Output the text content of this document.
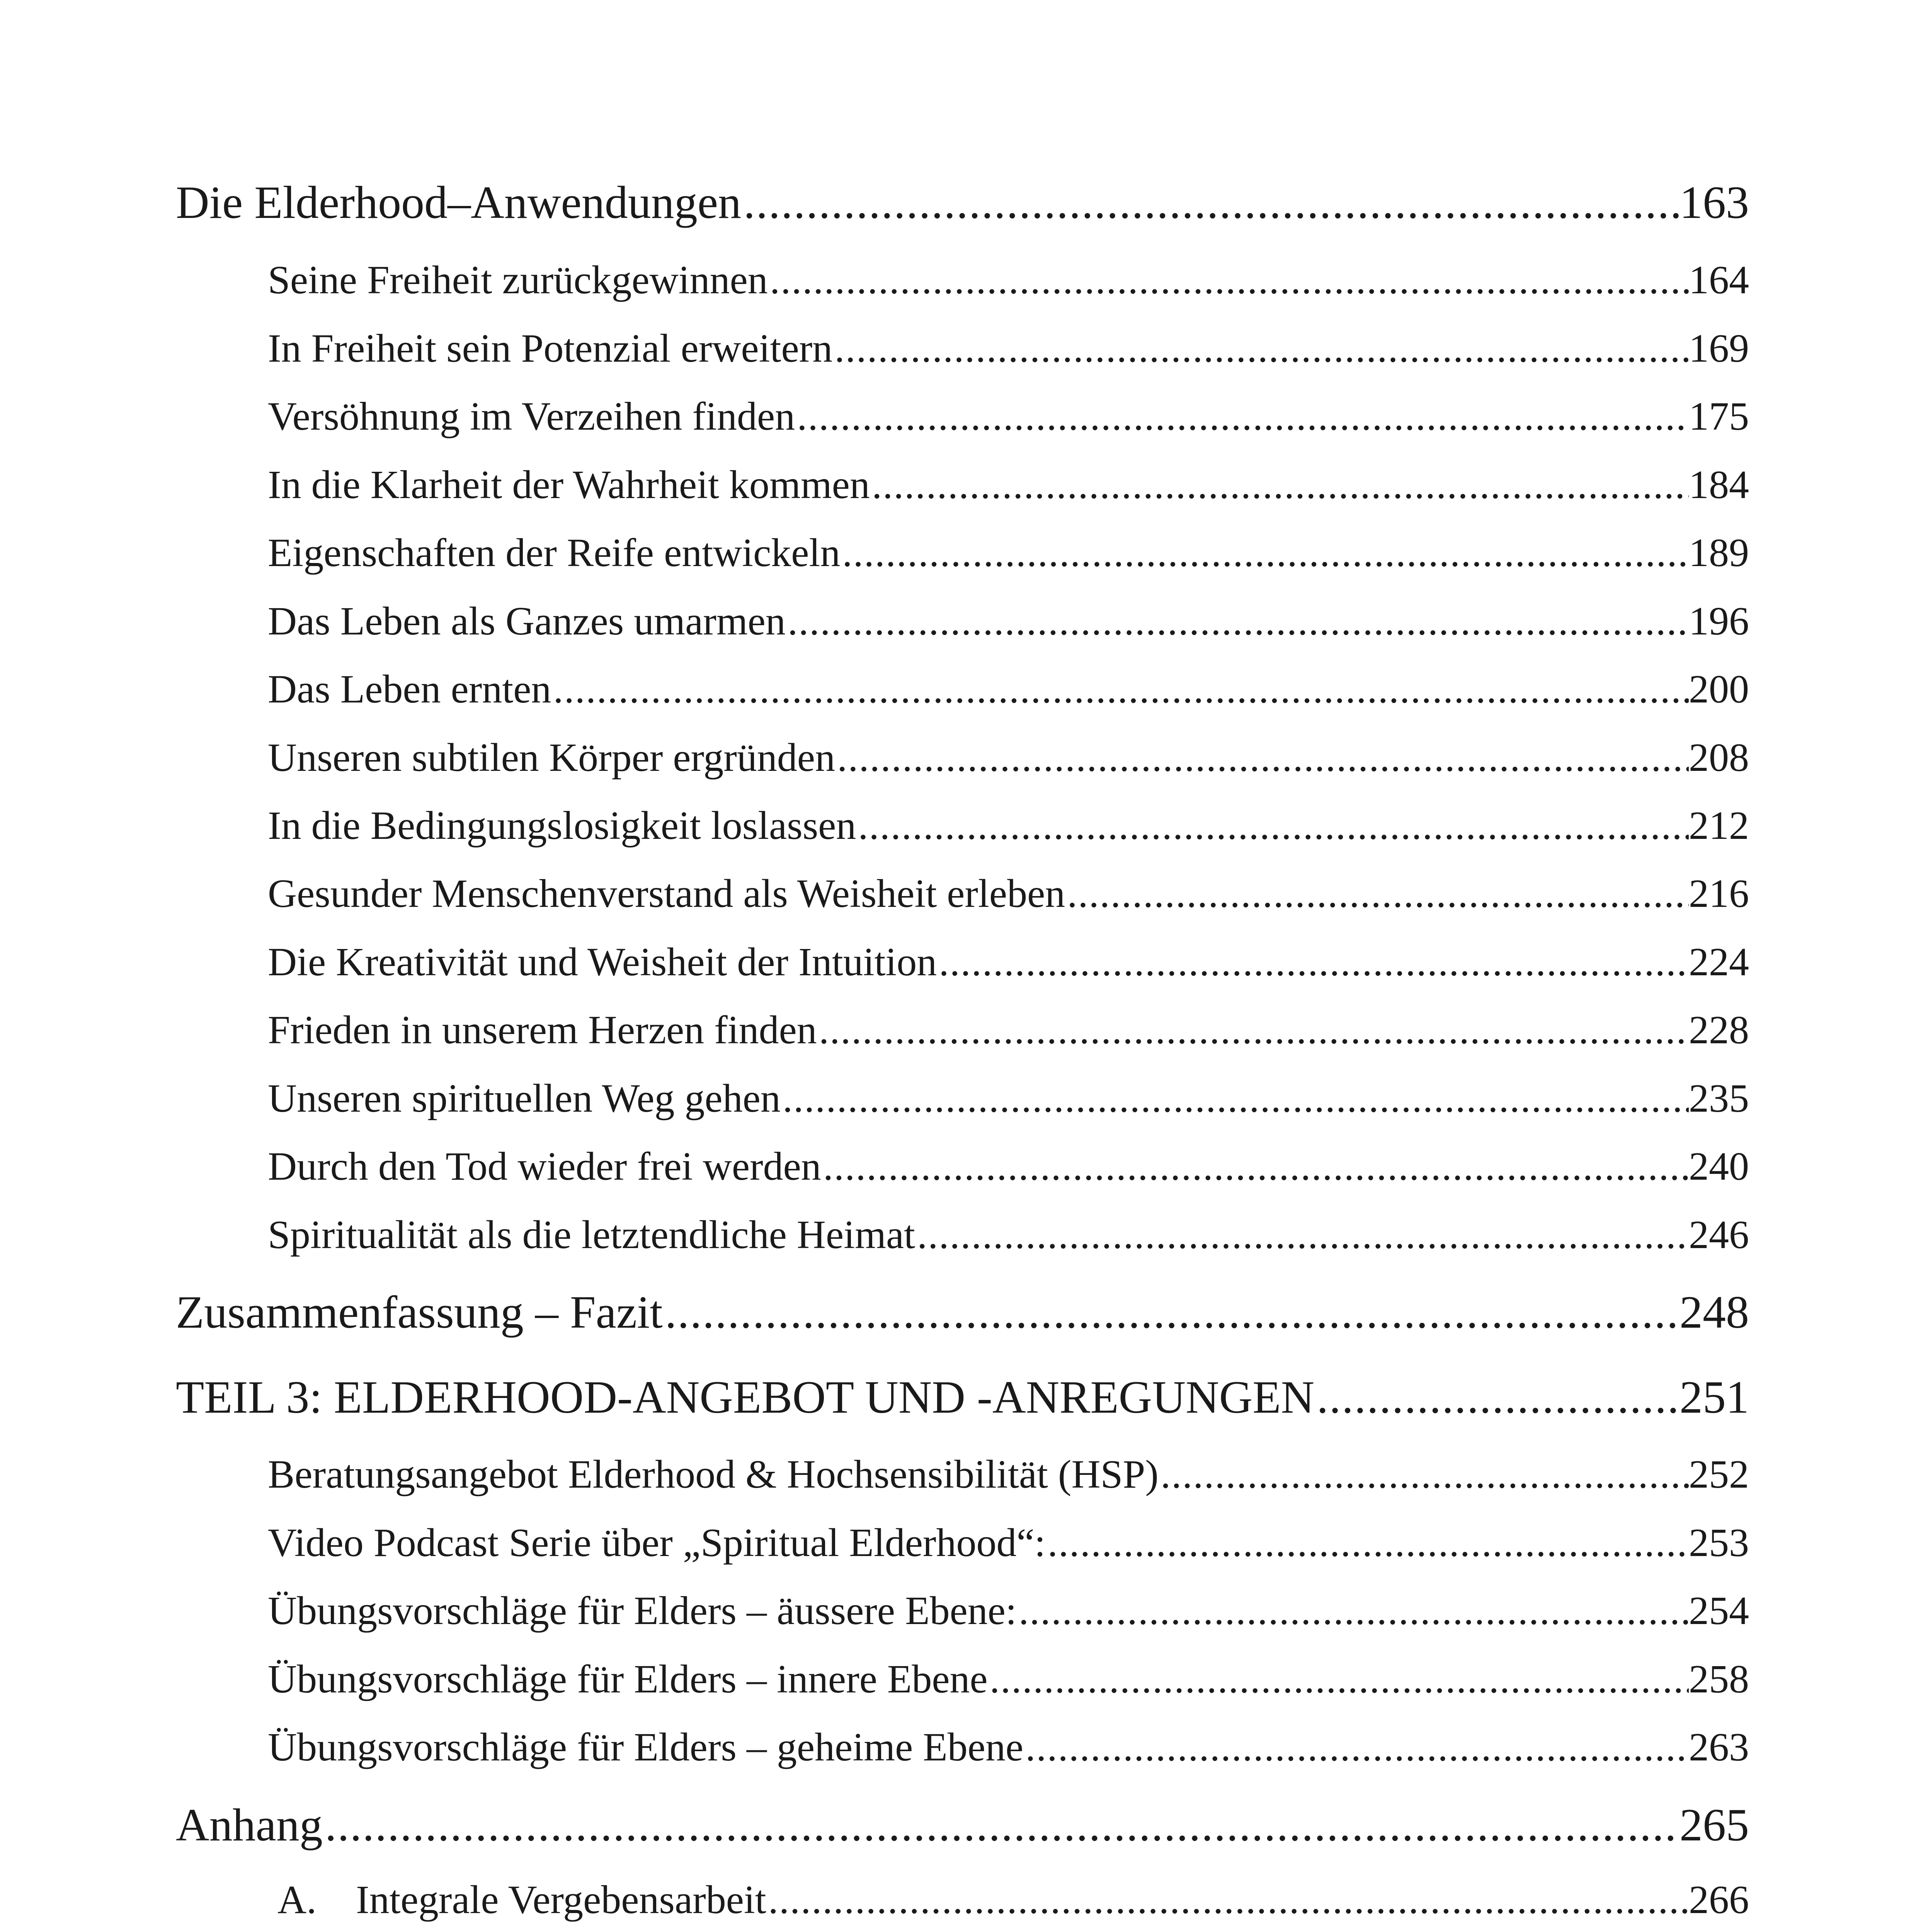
Die Elderhood–Anwendungen .....	163
Seine Freiheit zurückgewinnen .....	164
In Freiheit sein Potenzial erweitern .....	169
Versöhnung im Verzeihen finden .....	175
In die Klarheit der Wahrheit kommen .....	184
Eigenschaften der Reife entwickeln .....	189
Das Leben als Ganzes umarmen .....	196
Das Leben ernten .....	200
Unseren subtilen Körper ergründen .....	208
In die Bedingungslosigkeit loslassen .....	212
Gesunder Menschenverstand als Weisheit erleben .....	216
Die Kreativität und Weisheit der Intuition .....	224
Frieden in unserem Herzen finden .....	228
Unseren spirituellen Weg gehen .....	235
Durch den Tod wieder frei werden .....	240
Spiritualität als die letztendliche Heimat .....	246
Zusammenfassung – Fazit .....	248
TEIL 3: ELDERHOOD-ANGEBOT UND -ANREGUNGEN .....	251
Beratungsangebot Elderhood & Hochsensibilität (HSP) .....	252
Video Podcast Serie über „Spiritual Elderhood“: .....	253
Übungsvorschläge für Elders – äussere Ebene: .....	254
Übungsvorschläge für Elders – innere Ebene .....	258
Übungsvorschläge für Elders – geheime Ebene .....	263
Anhang .....	265
A. Integrale Vergebensarbeit .....	266
